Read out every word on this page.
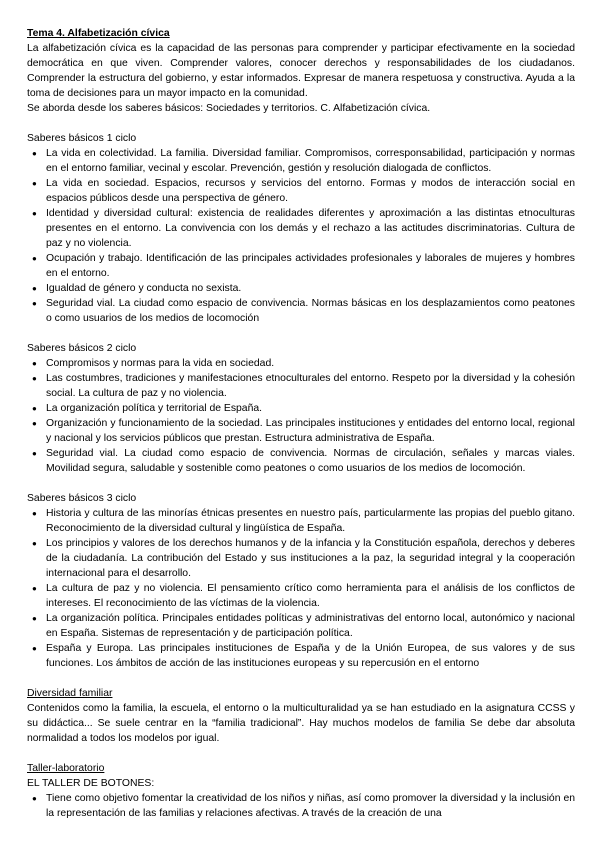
Tema 4. Alfabetización cívica

La alfabetización cívica es la capacidad de las personas para comprender y participar efectivamente en la sociedad democrática en que viven. Comprender valores, conocer derechos y responsabilidades de los ciudadanos. Comprender la estructura del gobierno, y estar informados. Expresar de manera respetuosa y constructiva. Ayuda a la toma de decisiones para un mayor impacto en la comunidad.

Se aborda desde los saberes básicos: Sociedades y territorios. C. Alfabetización cívica.

Saberes básicos 1 ciclo

● La vida en colectividad. La familia. Diversidad familiar. Compromisos, corresponsabilidad, participación y normas en el entorno familiar, vecinal y escolar. Prevención, gestión y resolución dialogada de conflictos.
● La vida en sociedad. Espacios, recursos y servicios del entorno. Formas y modos de interacción social en espacios públicos desde una perspectiva de género.
● Identidad y diversidad cultural: existencia de realidades diferentes y aproximación a las distintas etnoculturas presentes en el entorno. La convivencia con los demás y el rechazo a las actitudes discriminatorias. Cultura de paz y no violencia.
● Ocupación y trabajo. Identificación de las principales actividades profesionales y laborales de mujeres y hombres en el entorno.
● Igualdad de género y conducta no sexista.
● Seguridad vial. La ciudad como espacio de convivencia. Normas básicas en los desplazamientos como peatones o como usuarios de los medios de locomoción

Saberes básicos 2 ciclo

● Compromisos y normas para la vida en sociedad.
● Las costumbres, tradiciones y manifestaciones etnoculturales del entorno. Respeto por la diversidad y la cohesión social. La cultura de paz y no violencia.
● La organización política y territorial de España.
● Organización y funcionamiento de la sociedad. Las principales instituciones y entidades del entorno local, regional y nacional y los servicios públicos que prestan. Estructura administrativa de España.
● Seguridad vial. La ciudad como espacio de convivencia. Normas de circulación, señales y marcas viales. Movilidad segura, saludable y sostenible como peatones o como usuarios de los medios de locomoción.

Saberes básicos 3 ciclo

● Historia y cultura de las minorías étnicas presentes en nuestro país, particularmente las propias del pueblo gitano. Reconocimiento de la diversidad cultural y lingüística de España.
● Los principios y valores de los derechos humanos y de la infancia y la Constitución española, derechos y deberes de la ciudadanía. La contribución del Estado y sus instituciones a la paz, la seguridad integral y la cooperación internacional para el desarrollo.
● La cultura de paz y no violencia. El pensamiento crítico como herramienta para el análisis de los conflictos de intereses. El reconocimiento de las víctimas de la violencia.
● La organización política. Principales entidades políticas y administrativas del entorno local, autonómico y nacional en España. Sistemas de representación y de participación política.
● España y Europa. Las principales instituciones de España y de la Unión Europea, de sus valores y de sus funciones. Los ámbitos de acción de las instituciones europeas y su repercusión en el entorno

Diversidad familiar

Contenidos como la familia, la escuela, el entorno o la multiculturalidad ya se han estudiado en la asignatura CCSS y su didáctica... Se suele centrar en la “familia tradicional”. Hay muchos modelos de familia Se debe dar absoluta normalidad a todos los modelos por igual.

Taller-laboratorio

EL TALLER DE BOTONES:

● Tiene como objetivo fomentar la creatividad de los niños y niñas, así como promover la diversidad y la inclusión en la representación de las familias y relaciones afectivas. A través de la creación de una
